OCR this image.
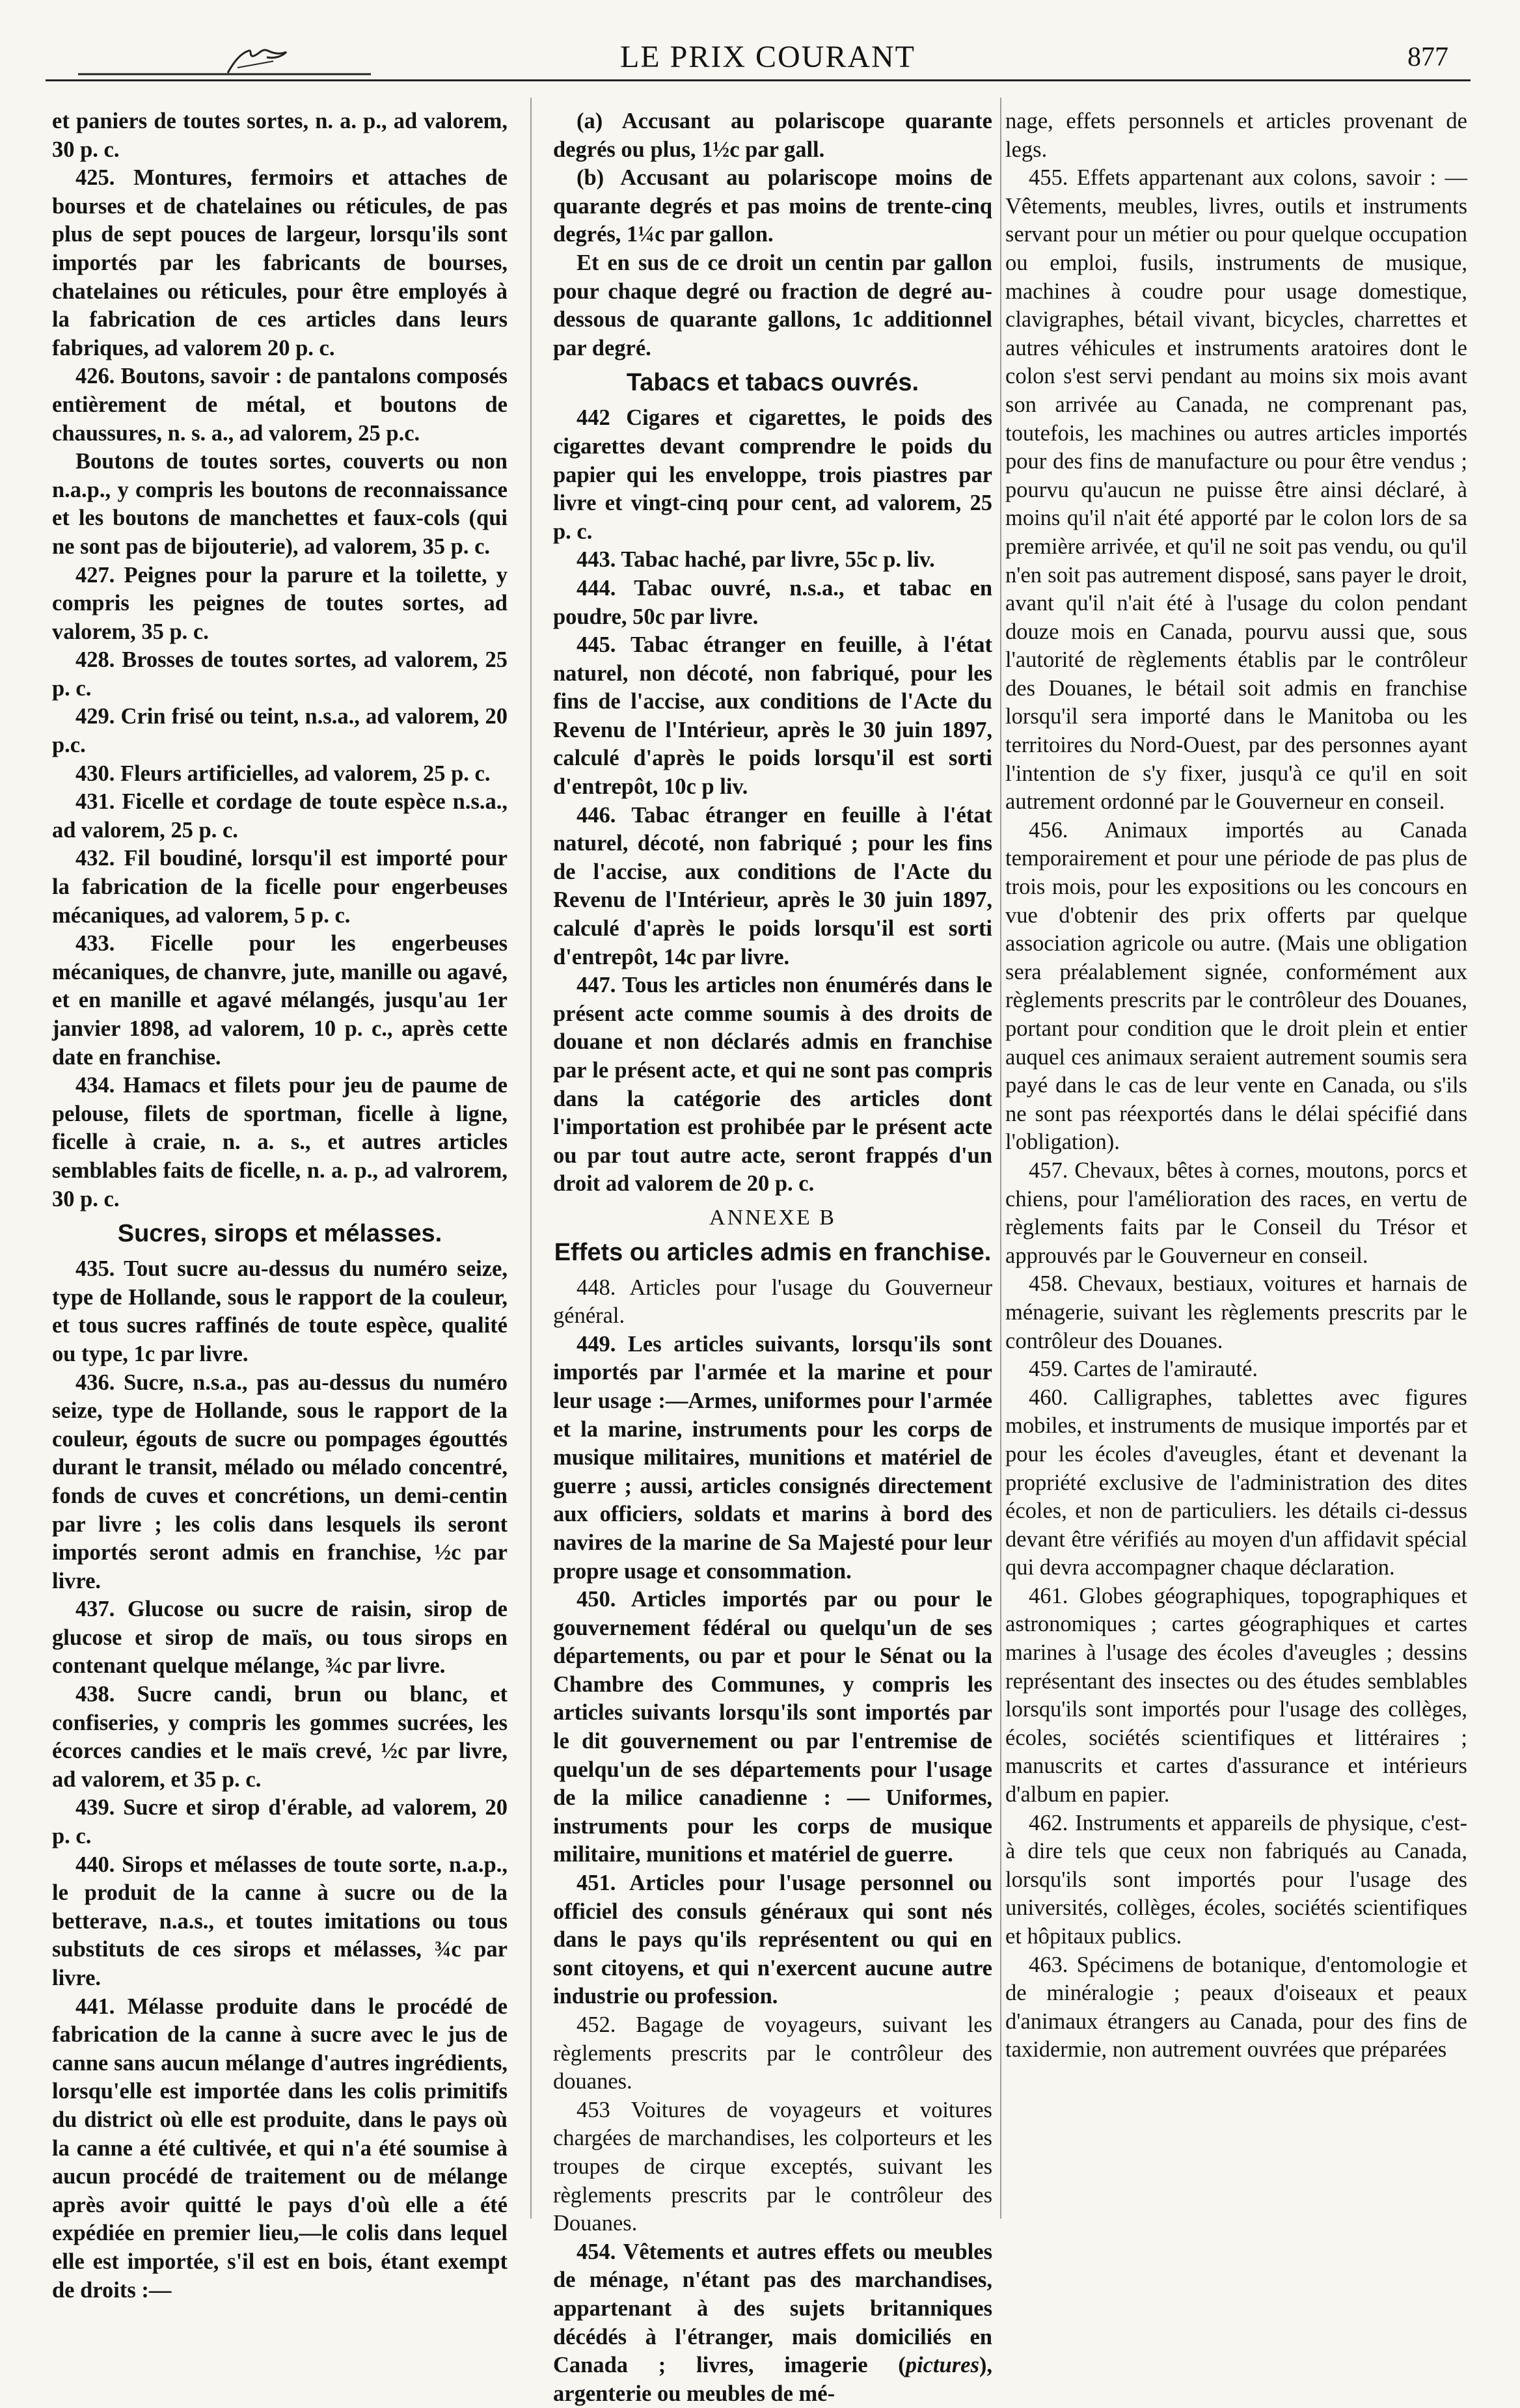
LE PRIX COURANT	877

et paniers de toutes sortes, n. a. p., ad valorem, 30 p. c.

425. Montures, fermoirs et attaches de bourses et de chatelaines ou réticules, de pas plus de sept pouces de largeur, lorsqu'ils sont importés par les fabricants de bourses, chatelaines ou réticules, pour être employés à la fabrication de ces articles dans leurs fabriques, ad valorem 20 p. c.

426. Boutons, savoir : de pantalons composés entièrement de métal, et boutons de chaussures, n. s. a., ad valorem, 25 p.c.

Boutons de toutes sortes, couverts ou non n.a.p., y compris les boutons de reconnaissance et les boutons de manchettes et faux-cols (qui ne sont pas de bijouterie), ad valorem, 35 p. c.

427. Peignes pour la parure et la toilette, y compris les peignes de toutes sortes, ad valorem, 35 p. c.

428. Brosses de toutes sortes, ad valorem, 25 p. c.

429. Crin frisé ou teint, n.s.a., ad valorem, 20 p.c.

430. Fleurs artificielles, ad valorem, 25 p. c.

431. Ficelle et cordage de toute espèce n.s.a., ad valorem, 25 p. c.

432. Fil boudiné, lorsqu'il est importé pour la fabrication de la ficelle pour engerbeuses mécaniques, ad valorem, 5 p. c.

433. Ficelle pour les engerbeuses mécaniques, de chanvre, jute, manille ou agavé, et en manille et agavé mélangés, jusqu'au 1er janvier 1898, ad valorem, 10 p. c., après cette date en franchise.

434. Hamacs et filets pour jeu de paume de pelouse, filets de sportman, ficelle à ligne, ficelle à craie, n. a. s., et autres articles semblables faits de ficelle, n. a. p., ad valrorem, 30 p. c.

Sucres, sirops et mélasses.

435. Tout sucre au-dessus du numéro seize, type de Hollande, sous le rapport de la couleur, et tous sucres raffinés de toute espèce, qualité ou type, 1c par livre.

436. Sucre, n.s.a., pas au-dessus du numéro seize, type de Hollande, sous le rapport de la couleur, égouts de sucre ou pompages égouttés durant le transit, mélado ou mélado concentré, fonds de cuves et concrétions, un demi-centin par livre ; les colis dans lesquels ils seront importés seront admis en franchise, ½c par livre.

437. Glucose ou sucre de raisin, sirop de glucose et sirop de maïs, ou tous sirops en contenant quelque mélange, ¾c par livre.

438. Sucre candi, brun ou blanc, et confiseries, y compris les gommes sucrées, les écorces candies et le maïs crevé, ½c par livre, ad valorem, et 35 p. c.

439. Sucre et sirop d'érable, ad valorem, 20 p. c.

440. Sirops et mélasses de toute sorte, n.a.p., le produit de la canne à sucre ou de la betterave, n.a.s., et toutes imitations ou tous substituts de ces sirops et mélasses, ¾c par livre.

441. Mélasse produite dans le procédé de fabrication de la canne à sucre avec le jus de canne sans aucun mélange d'autres ingrédients, lorsqu'elle est importée dans les colis primitifs du district où elle est produite, dans le pays où la canne a été cultivée, et qui n'a été soumise à aucun procédé de traitement ou de mélange après avoir quitté le pays d'où elle a été expédiée en premier lieu,—le colis dans lequel elle est importée, s'il est en bois, étant exempt de droits :—

(a) Accusant au polariscope quarante degrés ou plus, 1½c par gall.

(b) Accusant au polariscope moins de quarante degrés et pas moins de trente-cinq degrés, 1¼c par gallon.

Et en sus de ce droit un centin par gallon pour chaque degré ou fraction de degré au-dessous de quarante gallons, 1c additionnel par degré.

Tabacs et tabacs ouvrés.

442 Cigares et cigarettes, le poids des cigarettes devant comprendre le poids du papier qui les enveloppe, trois piastres par livre et vingt-cinq pour cent, ad valorem, 25 p. c.

443. Tabac haché, par livre, 55c p. liv.

444. Tabac ouvré, n.s.a., et tabac en poudre, 50c par livre.

445. Tabac étranger en feuille, à l'état naturel, non décoté, non fabriqué, pour les fins de l'accise, aux conditions de l'Acte du Revenu de l'Intérieur, après le 30 juin 1897, calculé d'après le poids lorsqu'il est sorti d'entrepôt, 10c p liv.

446. Tabac étranger en feuille à l'état naturel, décoté, non fabriqué ; pour les fins de l'accise, aux conditions de l'Acte du Revenu de l'Intérieur, après le 30 juin 1897, calculé d'après le poids lorsqu'il est sorti d'entrepôt, 14c par livre.

447. Tous les articles non énumérés dans le présent acte comme soumis à des droits de douane et non déclarés admis en franchise par le présent acte, et qui ne sont pas compris dans la catégorie des articles dont l'importation est prohibée par le présent acte ou par tout autre acte, seront frappés d'un droit ad valorem de 20 p. c.

ANNEXE B
Effets ou articles admis en franchise.

448. Articles pour l'usage du Gouverneur général.

449. Les articles suivants, lorsqu'ils sont importés par l'armée et la marine et pour leur usage :—Armes, uniformes pour l'armée et la marine, instruments pour les corps de musique militaires, munitions et matériel de guerre ; aussi, articles consignés directement aux officiers, soldats et marins à bord des navires de la marine de Sa Majesté pour leur propre usage et consommation.

450. Articles importés par ou pour le gouvernement fédéral ou quelqu'un de ses départements, ou par et pour le Sénat ou la Chambre des Communes, y compris les articles suivants lorsqu'ils sont importés par le dit gouvernement ou par l'entremise de quelqu'un de ses départements pour l'usage de la milice canadienne : — Uniformes, instruments pour les corps de musique militaire, munitions et matériel de guerre.

451. Articles pour l'usage personnel ou officiel des consuls généraux qui sont nés dans le pays qu'ils représentent ou qui en sont citoyens, et qui n'exercent aucune autre industrie ou profession.

452. Bagage de voyageurs, suivant les règlements prescrits par le contrôleur des douanes.

453 Voitures de voyageurs et voitures chargées de marchandises, les colporteurs et les troupes de cirque exceptés, suivant les règlements prescrits par le contrôleur des Douanes.

454. Vêtements et autres effets ou meubles de ménage, n'étant pas des marchandises, appartenant à des sujets britanniques décédés à l'étranger, mais domiciliés en Canada ; livres, imagerie (pictures), argenterie ou meubles de mé-

nage, effets personnels et articles provenant de legs.

455. Effets appartenant aux colons, savoir : — Vêtements, meubles, livres, outils et instruments servant pour un métier ou pour quelque occupation ou emploi, fusils, instruments de musique, machines à coudre pour usage domestique, clavigraphes, bétail vivant, bicycles, charrettes et autres véhicules et instruments aratoires dont le colon s'est servi pendant au moins six mois avant son arrivée au Canada, ne comprenant pas, toutefois, les machines ou autres articles importés pour des fins de manufacture ou pour être vendus ; pourvu qu'aucun ne puisse être ainsi déclaré, à moins qu'il n'ait été apporté par le colon lors de sa première arrivée, et qu'il ne soit pas vendu, ou qu'il n'en soit pas autrement disposé, sans payer le droit, avant qu'il n'ait été à l'usage du colon pendant douze mois en Canada, pourvu aussi que, sous l'autorité de règlements établis par le contrôleur des Douanes, le bétail soit admis en franchise lorsqu'il sera importé dans le Manitoba ou les territoires du Nord-Ouest, par des personnes ayant l'intention de s'y fixer, jusqu'à ce qu'il en soit autrement ordonné par le Gouverneur en conseil.

456. Animaux importés au Canada temporairement et pour une période de pas plus de trois mois, pour les expositions ou les concours en vue d'obtenir des prix offerts par quelque association agricole ou autre. (Mais une obligation sera préalablement signée, conformément aux règlements prescrits par le contrôleur des Douanes, portant pour condition que le droit plein et entier auquel ces animaux seraient autrement soumis sera payé dans le cas de leur vente en Canada, ou s'ils ne sont pas réexportés dans le délai spécifié dans l'obligation).

457. Chevaux, bêtes à cornes, moutons, porcs et chiens, pour l'amélioration des races, en vertu de règlements faits par le Conseil du Trésor et approuvés par le Gouverneur en conseil.

458. Chevaux, bestiaux, voitures et harnais de ménagerie, suivant les règlements prescrits par le contrôleur des Douanes.

459. Cartes de l'amirauté.

460. Calligraphes, tablettes avec figures mobiles, et instruments de musique importés par et pour les écoles d'aveugles, étant et devenant la propriété exclusive de l'administration des dites écoles, et non de particuliers. les détails ci-dessus devant être vérifiés au moyen d'un affidavit spécial qui devra accompagner chaque déclaration.

461. Globes géographiques, topographiques et astronomiques ; cartes géographiques et cartes marines à l'usage des écoles d'aveugles ; dessins représentant des insectes ou des études semblables lorsqu'ils sont importés pour l'usage des collèges, écoles, sociétés scientifiques et littéraires ; manuscrits et cartes d'assurance et intérieurs d'album en papier.

462. Instruments et appareils de physique, c'est-à dire tels que ceux non fabriqués au Canada, lorsqu'ils sont importés pour l'usage des universités, collèges, écoles, sociétés scientifiques et hôpitaux publics.

463. Spécimens de botanique, d'entomologie et de minéralogie ; peaux d'oiseaux et peaux d'animaux étrangers au Canada, pour des fins de taxidermie, non autrement ouvrées que préparées
